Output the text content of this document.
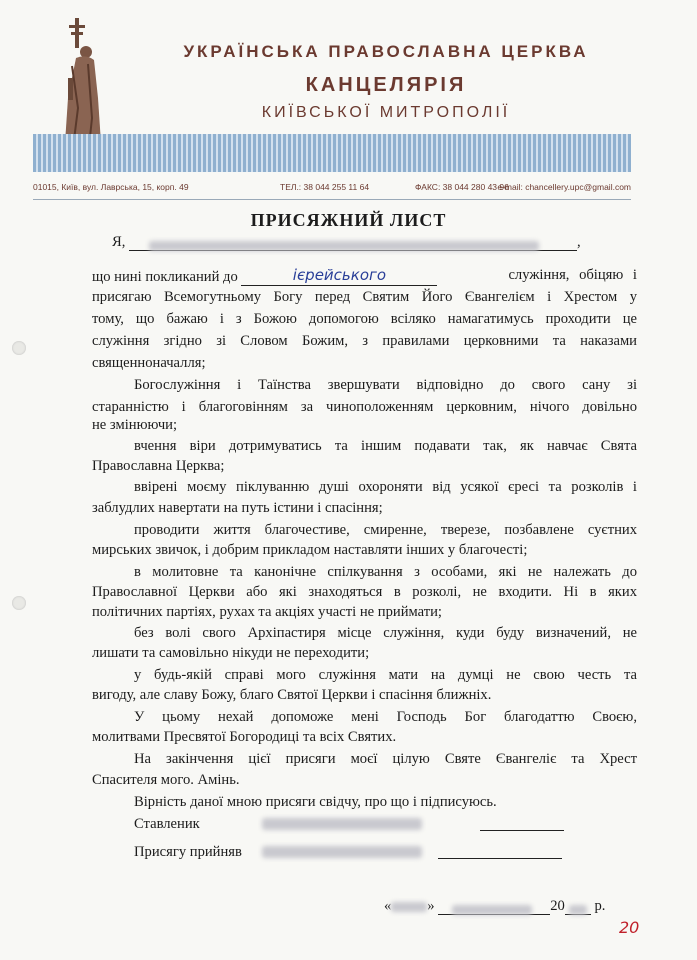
УКРАЇНСЬКА ПРАВОСЛАВНА ЦЕРКВА
КАНЦЕЛЯРІЯ
КИЇВСЬКОЇ МИТРОПОЛІЇ
01015, Київ, вул. Лаврська, 15, корп. 49	ТЕЛ.: 38 044 255 11 64	ФАКС: 38 044 280 43 96
e-mail: chancellery.upc@gmail.com
ПРИСЯЖНИЙ ЛИСТ
Я,	,
що нині покликаний до	ієрейського	служіння, обіцяю і
присягаю Всемогутньому Богу перед Святим Його Євангелієм і Хрестом у
тому, що бажаю і з Божою допомогою всіляко намагатимусь проходити це
служіння згідно зі Словом Божим, з правилами церковними та наказами
священноначалля;
Богослужіння і Таїнства звершувати відповідно до свого сану зі
старанністю і благоговінням за чиноположенням церковним, нічого довільно
не змінюючи;
вчення віри дотримуватись та іншим подавати так, як навчає Свята
Православна Церква;
ввірені моєму піклуванню душі охороняти від усякої єресі та розколів і
заблудлих навертати на путь істини і спасіння;
проводити життя благочестиве, смиренне, тверезе, позбавлене суєтних
мирських звичок, і добрим прикладом наставляти інших у благочесті;
в молитовне та канонічне спілкування з особами, які не належать до
Православної Церкви або які знаходяться в розколі, не входити. Ні в яких
політичних партіях, рухах та акціях участі не приймати;
без волі свого Архіпастиря місце служіння, куди буду визначений, не
лишати та самовільно нікуди не переходити;
у будь-якій справі мого служіння мати на думці не свою честь та
вигоду, але славу Божу, благо Святої Церкви і спасіння ближніх.
У цьому нехай допоможе мені Господь Бог благодаттю Своєю,
молитвами Пресвятої Богородиці та всіх Святих.
На закінчення цієї присяги моєї цілую Святе Євангеліє та Хрест
Спасителя мого. Амінь.
Вірність даної мною присяги свідчу, про що і підписуюсь.
Ставленик
Присягу прийняв
« »	20 р.
20
